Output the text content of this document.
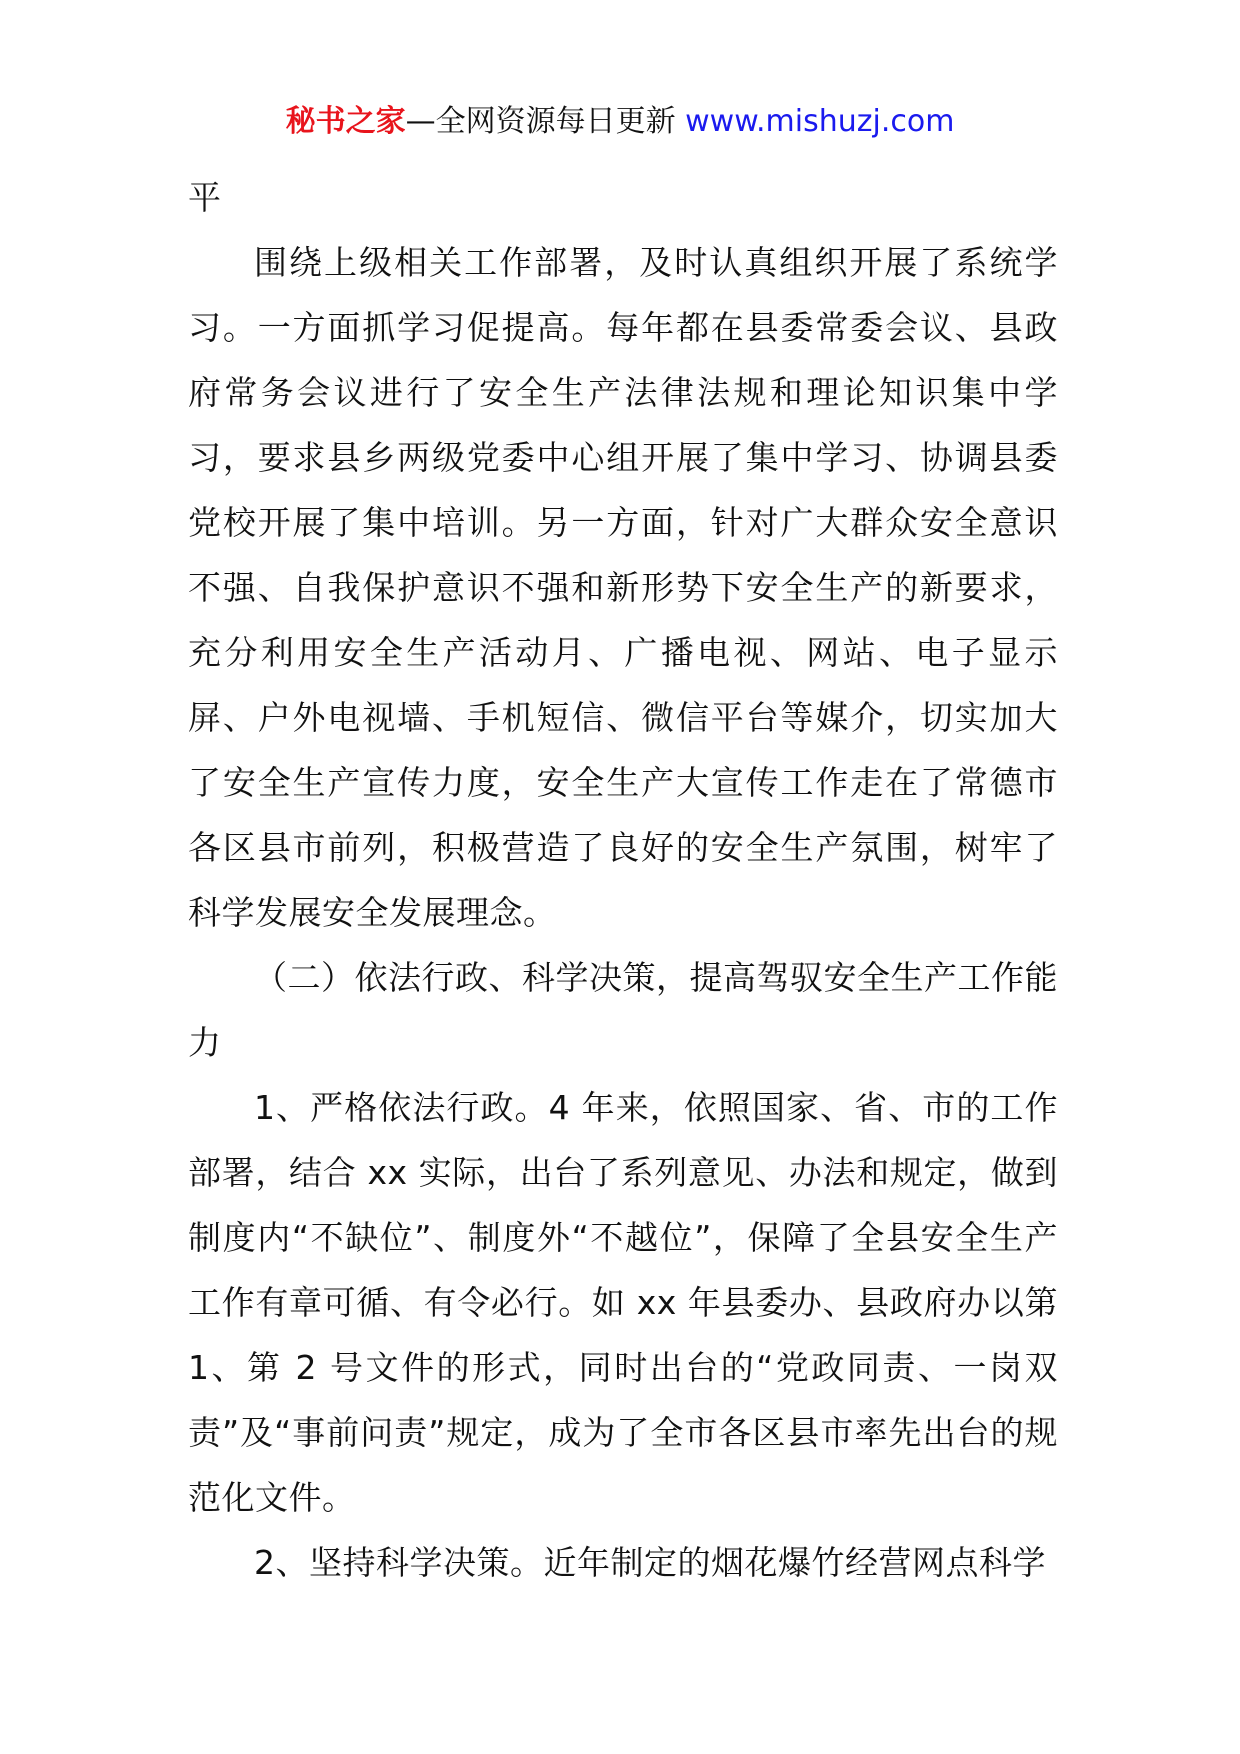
秘书之家—全网资源每日更新 www.mishuzj.com

平

围绕上级相关工作部署，及时认真组织开展了系统学习。一方面抓学习促提高。每年都在县委常委会议、县政府常务会议进行了安全生产法律法规和理论知识集中学习，要求县乡两级党委中心组开展了集中学习、协调县委党校开展了集中培训。另一方面，针对广大群众安全意识不强、自我保护意识不强和新形势下安全生产的新要求，充分利用安全生产活动月、广播电视、网站、电子显示屏、户外电视墙、手机短信、微信平台等媒介，切实加大了安全生产宣传力度，安全生产大宣传工作走在了常德市各区县市前列，积极营造了良好的安全生产氛围，树牢了科学发展安全发展理念。

（二）依法行政、科学决策，提高驾驭安全生产工作能力

1、严格依法行政。4 年来，依照国家、省、市的工作部署，结合 xx 实际，出台了系列意见、办法和规定，做到制度内“不缺位”、制度外“不越位”，保障了全县安全生产工作有章可循、有令必行。如 xx 年县委办、县政府办以第 1、第 2 号文件的形式，同时出台的“党政同责、一岗双责”及“事前问责”规定，成为了全市各区县市率先出台的规范化文件。

2、坚持科学决策。近年制定的烟花爆竹经营网点科学
